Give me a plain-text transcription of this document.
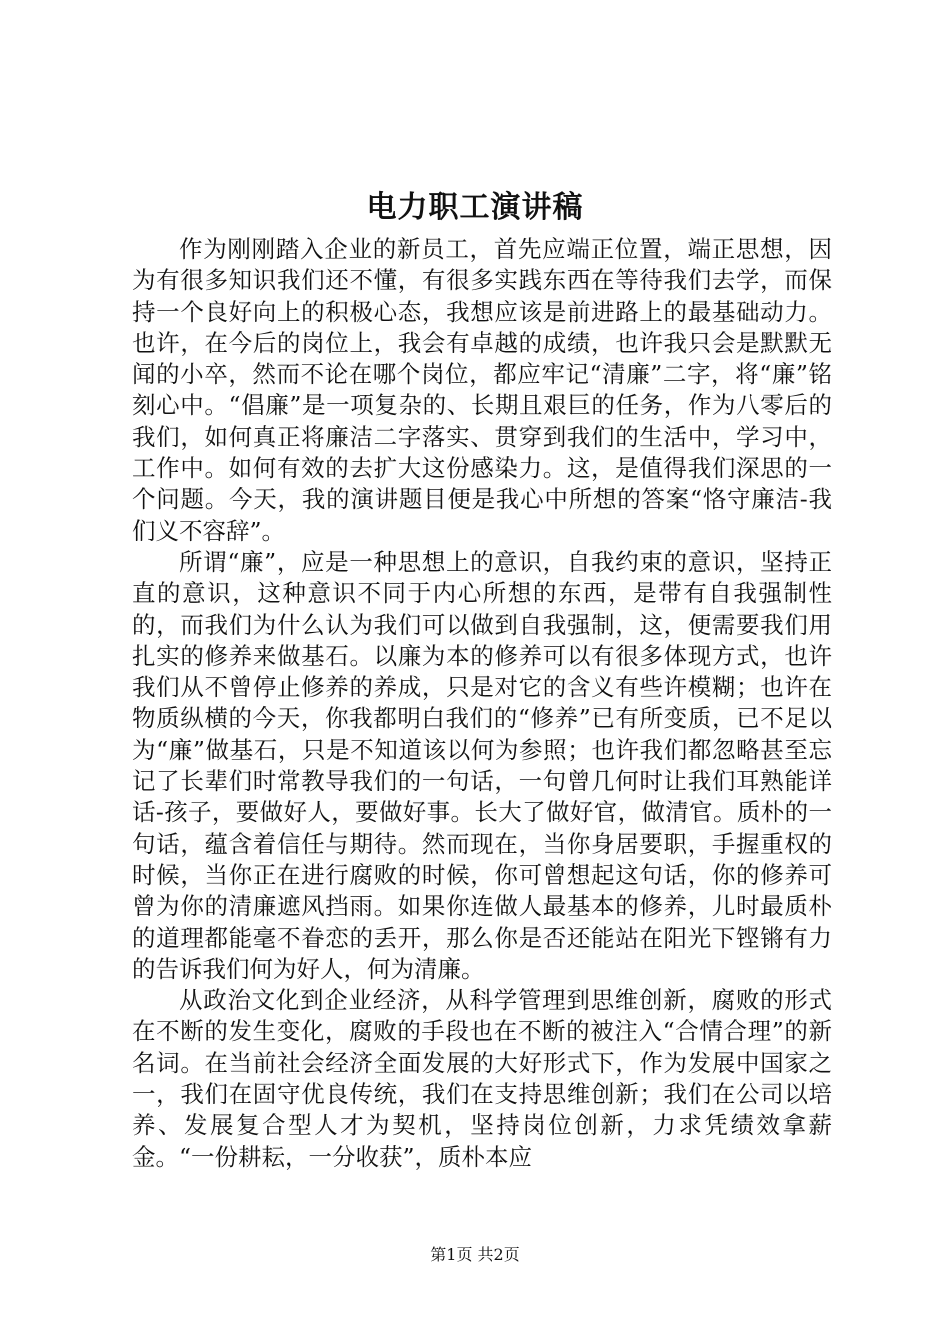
电力职工演讲稿

作为刚刚踏入企业的新员工，首先应端正位置，端正思想，因为有很多知识我们还不懂，有很多实践东西在等待我们去学，而保持一个良好向上的积极心态，我想应该是前进路上的最基础动力。也许，在今后的岗位上，我会有卓越的成绩，也许我只会是默默无闻的小卒，然而不论在哪个岗位，都应牢记“清廉”二字，将“廉”铭刻心中。“倡廉”是一项复杂的、长期且艰巨的任务，作为八零后的我们，如何真正将廉洁二字落实、贯穿到我们的生活中，学习中，工作中。如何有效的去扩大这份感染力。这，是值得我们深思的一个问题。今天，我的演讲题目便是我心中所想的答案“恪守廉洁-我们义不容辞”。

所谓“廉”，应是一种思想上的意识，自我约束的意识，坚持正直的意识，这种意识不同于内心所想的东西，是带有自我强制性的，而我们为什么认为我们可以做到自我强制，这，便需要我们用扎实的修养来做基石。以廉为本的修养可以有很多体现方式，也许我们从不曾停止修养的养成，只是对它的含义有些许模糊；也许在物质纵横的今天，你我都明白我们的“修养”已有所变质，已不足以为“廉”做基石，只是不知道该以何为参照；也许我们都忽略甚至忘记了长辈们时常教导我们的一句话，一句曾几何时让我们耳熟能详话-孩子，要做好人，要做好事。长大了做好官，做清官。质朴的一句话，蕴含着信任与期待。然而现在，当你身居要职，手握重权的时候，当你正在进行腐败的时候，你可曾想起这句话，你的修养可曾为你的清廉遮风挡雨。如果你连做人最基本的修养，儿时最质朴的道理都能毫不眷恋的丢开，那么你是否还能站在阳光下铿锵有力的告诉我们何为好人，何为清廉。

从政治文化到企业经济，从科学管理到思维创新，腐败的形式在不断的发生变化，腐败的手段也在不断的被注入“合情合理”的新名词。在当前社会经济全面发展的大好形式下，作为发展中国家之一，我们在固守优良传统，我们在支持思维创新；我们在公司以培养、发展复合型人才为契机，坚持岗位创新，力求凭绩效拿薪金。“一份耕耘，一分收获”，质朴本应

第1页 共2页
